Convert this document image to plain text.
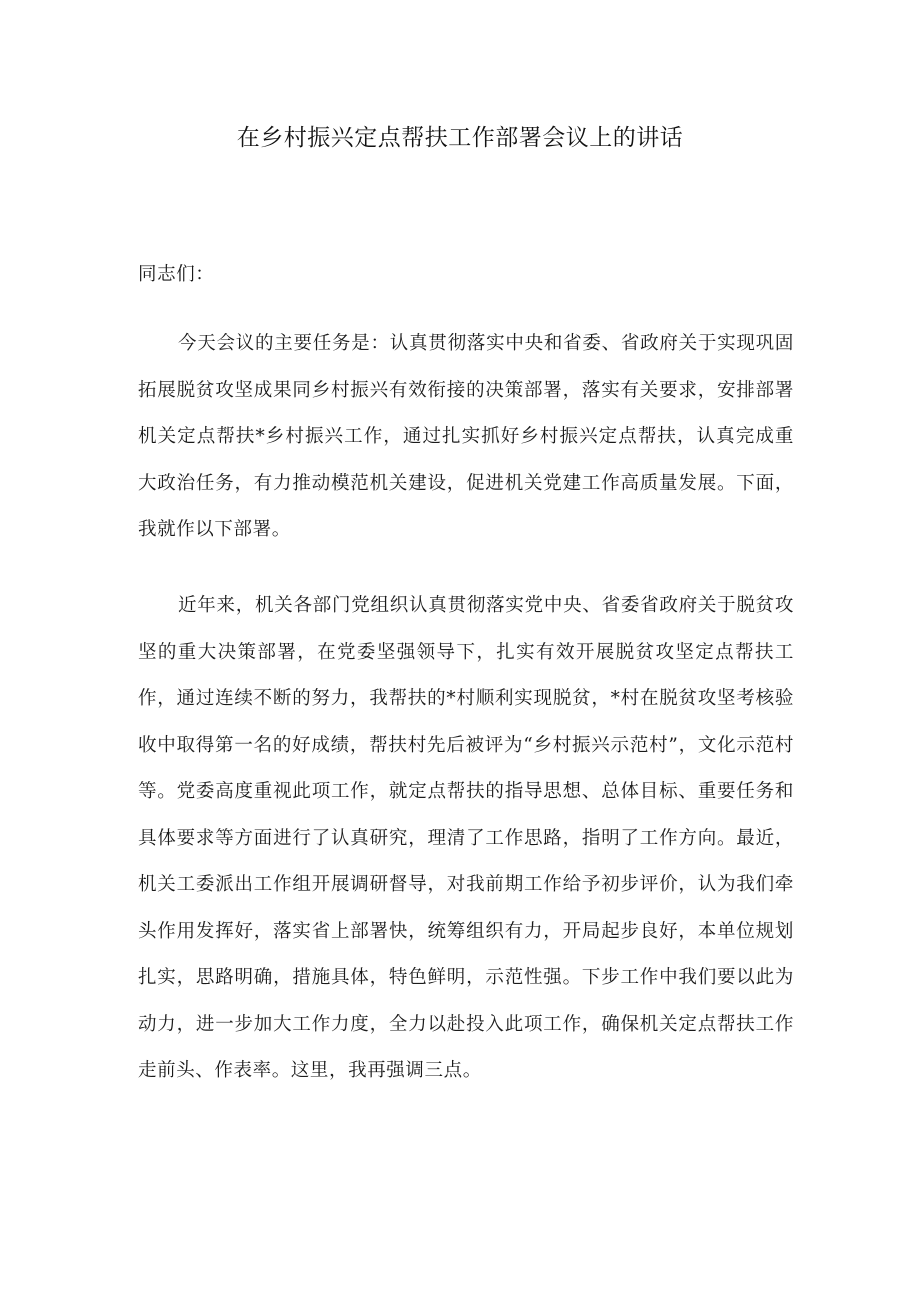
在乡村振兴定点帮扶工作部署会议上的讲话

同志们：

今天会议的主要任务是：认真贯彻落实中央和省委、省政府关于实现巩固拓展脱贫攻坚成果同乡村振兴有效衔接的决策部署，落实有关要求，安排部署机关定点帮扶*乡村振兴工作，通过扎实抓好乡村振兴定点帮扶，认真完成重大政治任务，有力推动模范机关建设，促进机关党建工作高质量发展。下面，我就作以下部署。

近年来，机关各部门党组织认真贯彻落实党中央、省委省政府关于脱贫攻坚的重大决策部署，在党委坚强领导下，扎实有效开展脱贫攻坚定点帮扶工作，通过连续不断的努力，我帮扶的*村顺利实现脱贫，*村在脱贫攻坚考核验收中取得第一名的好成绩，帮扶村先后被评为“乡村振兴示范村”，文化示范村等。党委高度重视此项工作，就定点帮扶的指导思想、总体目标、重要任务和具体要求等方面进行了认真研究，理清了工作思路，指明了工作方向。最近，机关工委派出工作组开展调研督导，对我前期工作给予初步评价，认为我们牵头作用发挥好，落实省上部署快，统筹组织有力，开局起步良好，本单位规划扎实，思路明确，措施具体，特色鲜明，示范性强。下步工作中我们要以此为动力，进一步加大工作力度，全力以赴投入此项工作，确保机关定点帮扶工作走前头、作表率。这里，我再强调三点。
